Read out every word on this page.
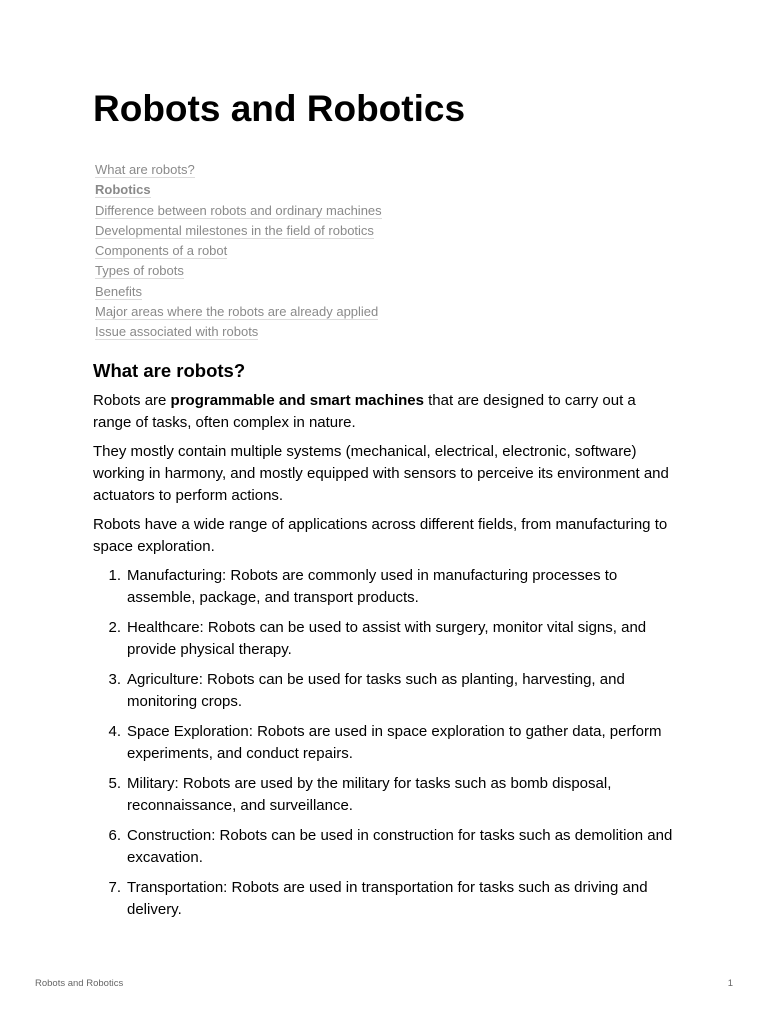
Robots and Robotics
What are robots?
Robotics
Difference between robots and ordinary machines
Developmental milestones in the field of robotics
Components of a robot
Types of robots
Benefits
Major areas where the robots are already applied
Issue associated with robots
What are robots?

Robots are programmable and smart machines that are designed to carry out a range of tasks, often complex in nature.

They mostly contain multiple systems (mechanical, electrical, electronic, software) working in harmony, and mostly equipped with sensors to perceive its environment and actuators to perform actions.

Robots have a wide range of applications across different fields, from manufacturing to space exploration.

1. Manufacturing: Robots are commonly used in manufacturing processes to assemble, package, and transport products.
2. Healthcare: Robots can be used to assist with surgery, monitor vital signs, and provide physical therapy.
3. Agriculture: Robots can be used for tasks such as planting, harvesting, and monitoring crops.
4. Space Exploration: Robots are used in space exploration to gather data, perform experiments, and conduct repairs.
5. Military: Robots are used by the military for tasks such as bomb disposal, reconnaissance, and surveillance.
6. Construction: Robots can be used in construction for tasks such as demolition and excavation.
7. Transportation: Robots are used in transportation for tasks such as driving and delivery.
Robots and Robotics	1
